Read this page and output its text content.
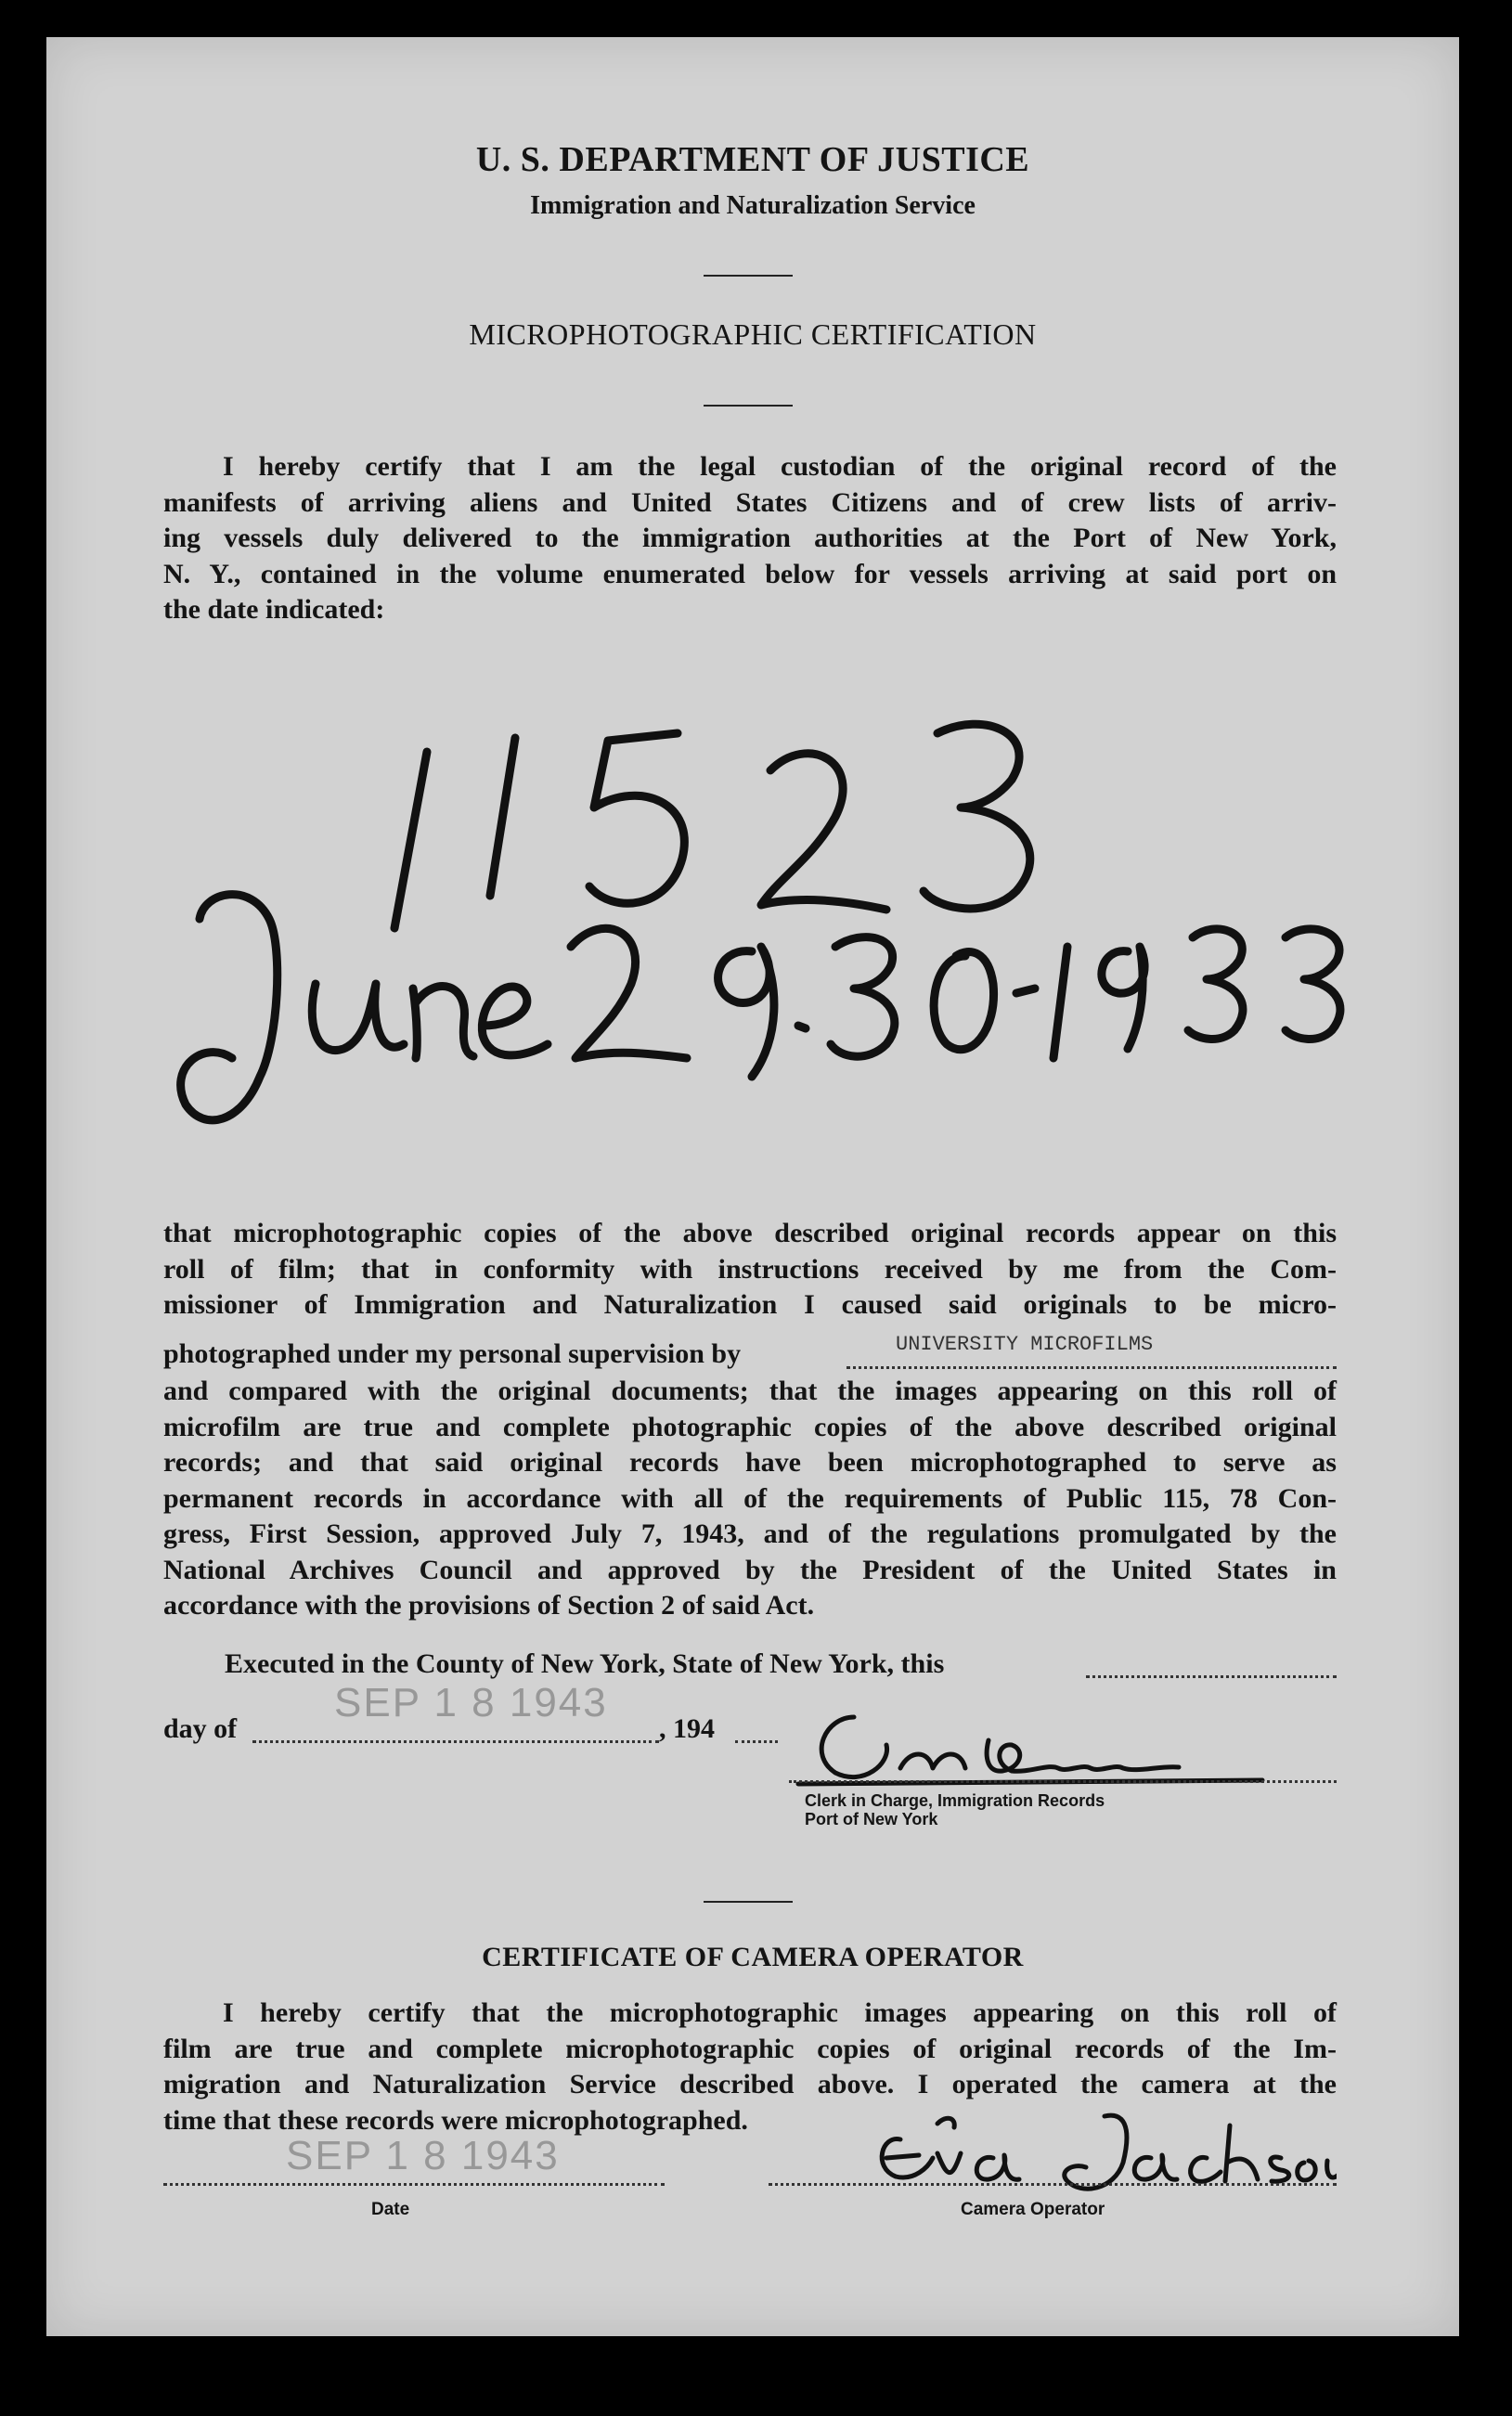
U. S. DEPARTMENT OF JUSTICE
Immigration and Naturalization Service
MICROPHOTOGRAPHIC CERTIFICATION

I hereby certify that I am the legal custodian of the original record of the

manifests of arriving aliens and United States Citizens and of crew lists of arriv-

ing vessels duly delivered to the immigration authorities at the Port of New York,

N. Y., contained in the volume enumerated below for vessels arriving at said port on

the date indicated:

that microphotographic copies of the above described original records appear on this

roll of film; that in conformity with instructions received by me from the Com-

missioner of Immigration and Naturalization I caused said originals to be micro-

photographed under my personal supervision by	UNIVERSITY MICROFILMS

and compared with the original documents; that the images appearing on this roll of

microfilm are true and complete photographic copies of the above described original

records; and that said original records have been microphotographed to serve as

permanent records in accordance with all of the requirements of Public 115, 78 Con-

gress, First Session, approved July 7, 1943, and of the regulations promulgated by the

National Archives Council and approved by the President of the United States in

accordance with the provisions of Section 2 of said Act.

Executed in the County of New York, State of New York, this
day of
SEP 1 8 1943
, 194
Clerk in Charge, Immigration Records
Port of New York
CERTIFICATE OF CAMERA OPERATOR

I hereby certify that the microphotographic images appearing on this roll of

film are true and complete microphotographic copies of original records of the Im-

migration and Naturalization Service described above. I operated the camera at the

time that these records were microphotographed.

SEP 1 8 1943
Date	Camera Operator
